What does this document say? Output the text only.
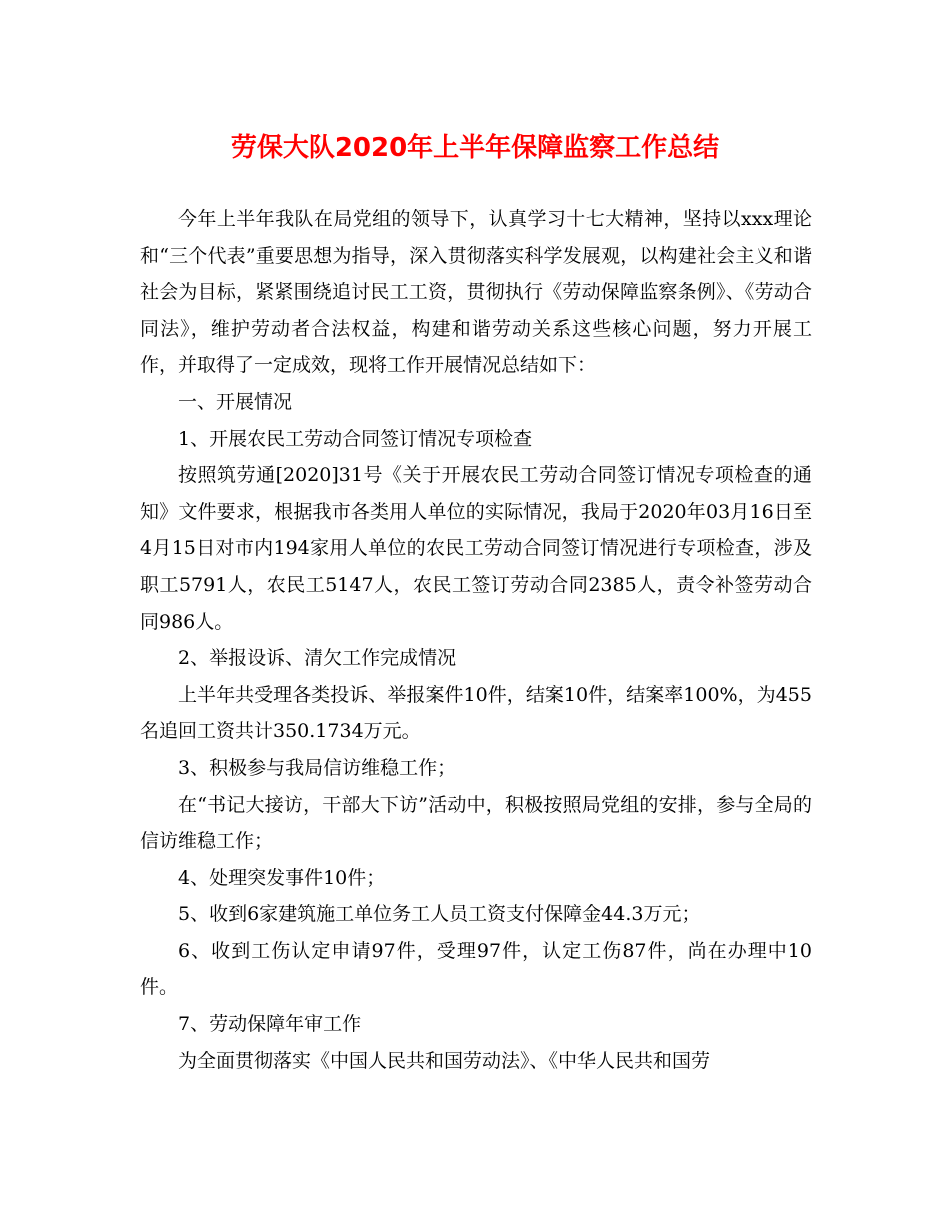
劳保大队2020年上半年保障监察工作总结

今年上半年我队在局党组的领导下，认真学习十七大精神，坚持以xxx理论和“三个代表”重要思想为指导，深入贯彻落实科学发展观，以构建社会主义和谐社会为目标，紧紧围绕追讨民工工资，贯彻执行《劳动保障监察条例》、《劳动合同法》，维护劳动者合法权益，构建和谐劳动关系这些核心问题，努力开展工作，并取得了一定成效，现将工作开展情况总结如下：

一、开展情况

1、开展农民工劳动合同签订情况专项检查

按照筑劳通[2020]31号《关于开展农民工劳动合同签订情况专项检查的通知》文件要求，根据我市各类用人单位的实际情况，我局于2020年03月16日至4月15日对市内194家用人单位的农民工劳动合同签订情况进行专项检查，涉及职工5791人，农民工5147人，农民工签订劳动合同2385人，责令补签劳动合同986人。

2、举报设诉、清欠工作完成情况

上半年共受理各类投诉、举报案件10件，结案10件，结案率100%，为455名追回工资共计350.1734万元。

3、积极参与我局信访维稳工作；

在“书记大接访，干部大下访”活动中，积极按照局党组的安排，参与全局的信访维稳工作；

4、处理突发事件10件；

5、收到6家建筑施工单位务工人员工资支付保障金44.3万元；

6、收到工伤认定申请97件，受理97件，认定工伤87件，尚在办理中10件。

7、劳动保障年审工作

为全面贯彻落实《中国人民共和国劳动法》、《中华人民共和国劳
